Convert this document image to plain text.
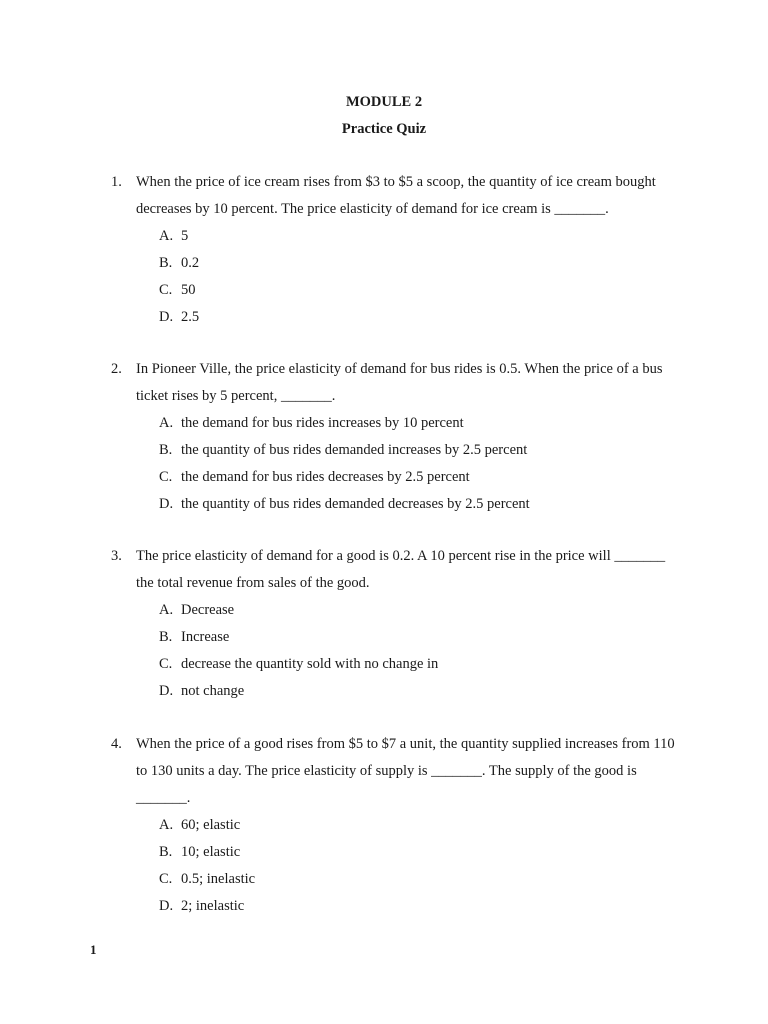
MODULE 2
Practice Quiz
1. When the price of ice cream rises from $3 to $5 a scoop, the quantity of ice cream bought decreases by 10 percent. The price elasticity of demand for ice cream is _______.
A. 5
B. 0.2
C. 50
D. 2.5
2. In Pioneer Ville, the price elasticity of demand for bus rides is 0.5. When the price of a bus ticket rises by 5 percent, _______.
A. the demand for bus rides increases by 10 percent
B. the quantity of bus rides demanded increases by 2.5 percent
C. the demand for bus rides decreases by 2.5 percent
D. the quantity of bus rides demanded decreases by 2.5 percent
3. The price elasticity of demand for a good is 0.2. A 10 percent rise in the price will _______ the total revenue from sales of the good.
A. Decrease
B. Increase
C. decrease the quantity sold with no change in
D. not change
4. When the price of a good rises from $5 to $7 a unit, the quantity supplied increases from 110 to 130 units a day. The price elasticity of supply is _______. The supply of the good is _______.
A. 60; elastic
B. 10; elastic
C. 0.5; inelastic
D. 2; inelastic
1
